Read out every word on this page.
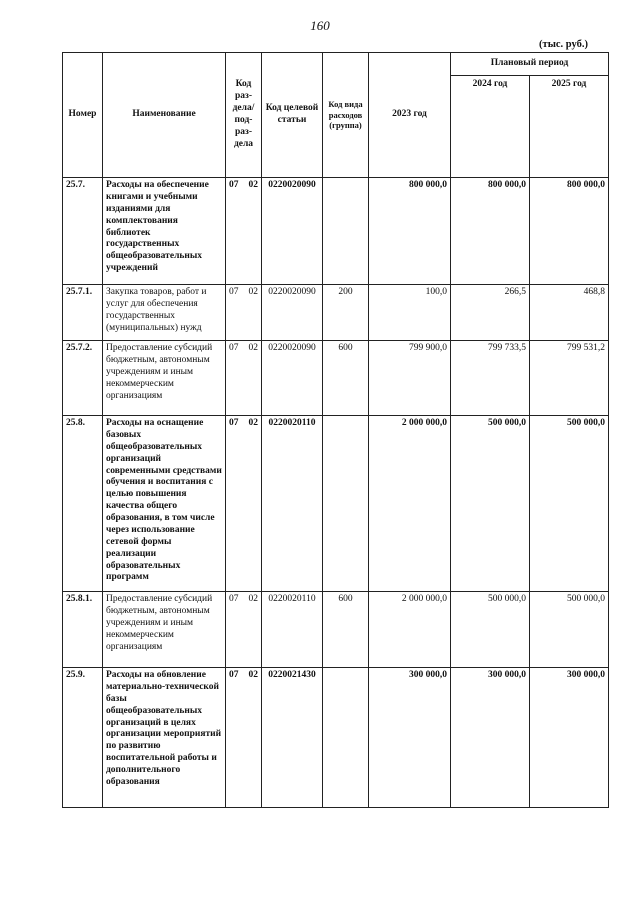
160
(тыс. руб.)
Номер	Наименование	Код раз- дела/ под- раз- дела	Код целевой статьи	Код вида расходов (группа)	2023 год	Плановый период	
						2024 год	2025 год
25.7.	Расходы на обеспечение книгами и учебными изданиями для комплектования библиотек государственных общеобразовательных учреждений	07 02	0220020090		800 000,0	800 000,0	800 000,0
25.7.1.	Закупка товаров, работ и услуг для обеспечения государственных (муниципальных) нужд	07 02	0220020090	200	100,0	266,5	468,8
25.7.2.	Предоставление субсидий бюджетным, автономным учреждениям и иным некоммерческим организациям	07 02	0220020090	600	799 900,0	799 733,5	799 531,2
25.8.	Расходы на оснащение базовых общеобразовательных организаций современными средствами обучения и воспитания с целью повышения качества общего образования, в том числе через использование сетевой формы реализации образовательных программ	07 02	0220020110		2 000 000,0	500 000,0	500 000,0
25.8.1.	Предоставление субсидий бюджетным, автономным учреждениям и иным некоммерческим организациям	07 02	0220020110	600	2 000 000,0	500 000,0	500 000,0
25.9.	Расходы на обновление материально-технической базы общеобразовательных организаций в целях организации мероприятий по развитию воспитательной работы и дополнительного образования	07 02	0220021430		300 000,0	300 000,0	300 000,0
